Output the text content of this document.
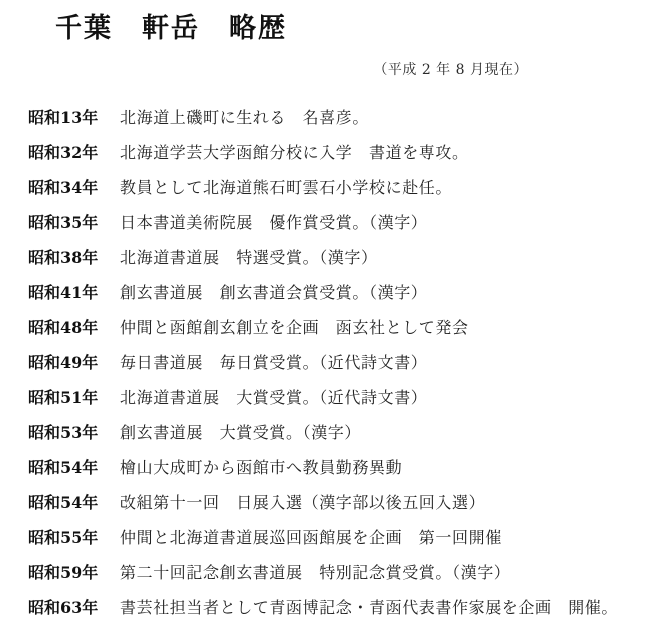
千葉　軒岳　略歴
（平成 2 年 8 月現在）
昭和13年	北海道上磯町に生れる　名喜彦。
昭和32年	北海道学芸大学函館分校に入学　書道を専攻。
昭和34年	教員として北海道熊石町雲石小学校に赴任。
昭和35年	日本書道美術院展　優作賞受賞。（漢字）
昭和38年	北海道書道展　特選受賞。（漢字）
昭和41年	創玄書道展　創玄書道会賞受賞。（漢字）
昭和48年	仲間と函館創玄創立を企画　函玄社として発会
昭和49年	毎日書道展　毎日賞受賞。（近代詩文書）
昭和51年	北海道書道展　大賞受賞。（近代詩文書）
昭和53年	創玄書道展　大賞受賞。（漢字）
昭和54年	檜山大成町から函館市へ教員勤務異動
昭和54年	改組第十一回　日展入選（漢字部以後五回入選）
昭和55年	仲間と北海道書道展巡回函館展を企画　第一回開催
昭和59年	第二十回記念創玄書道展　特別記念賞受賞。（漢字）
昭和63年	書芸社担当者として青函博記念・青函代表書作家展を企画　開催。
